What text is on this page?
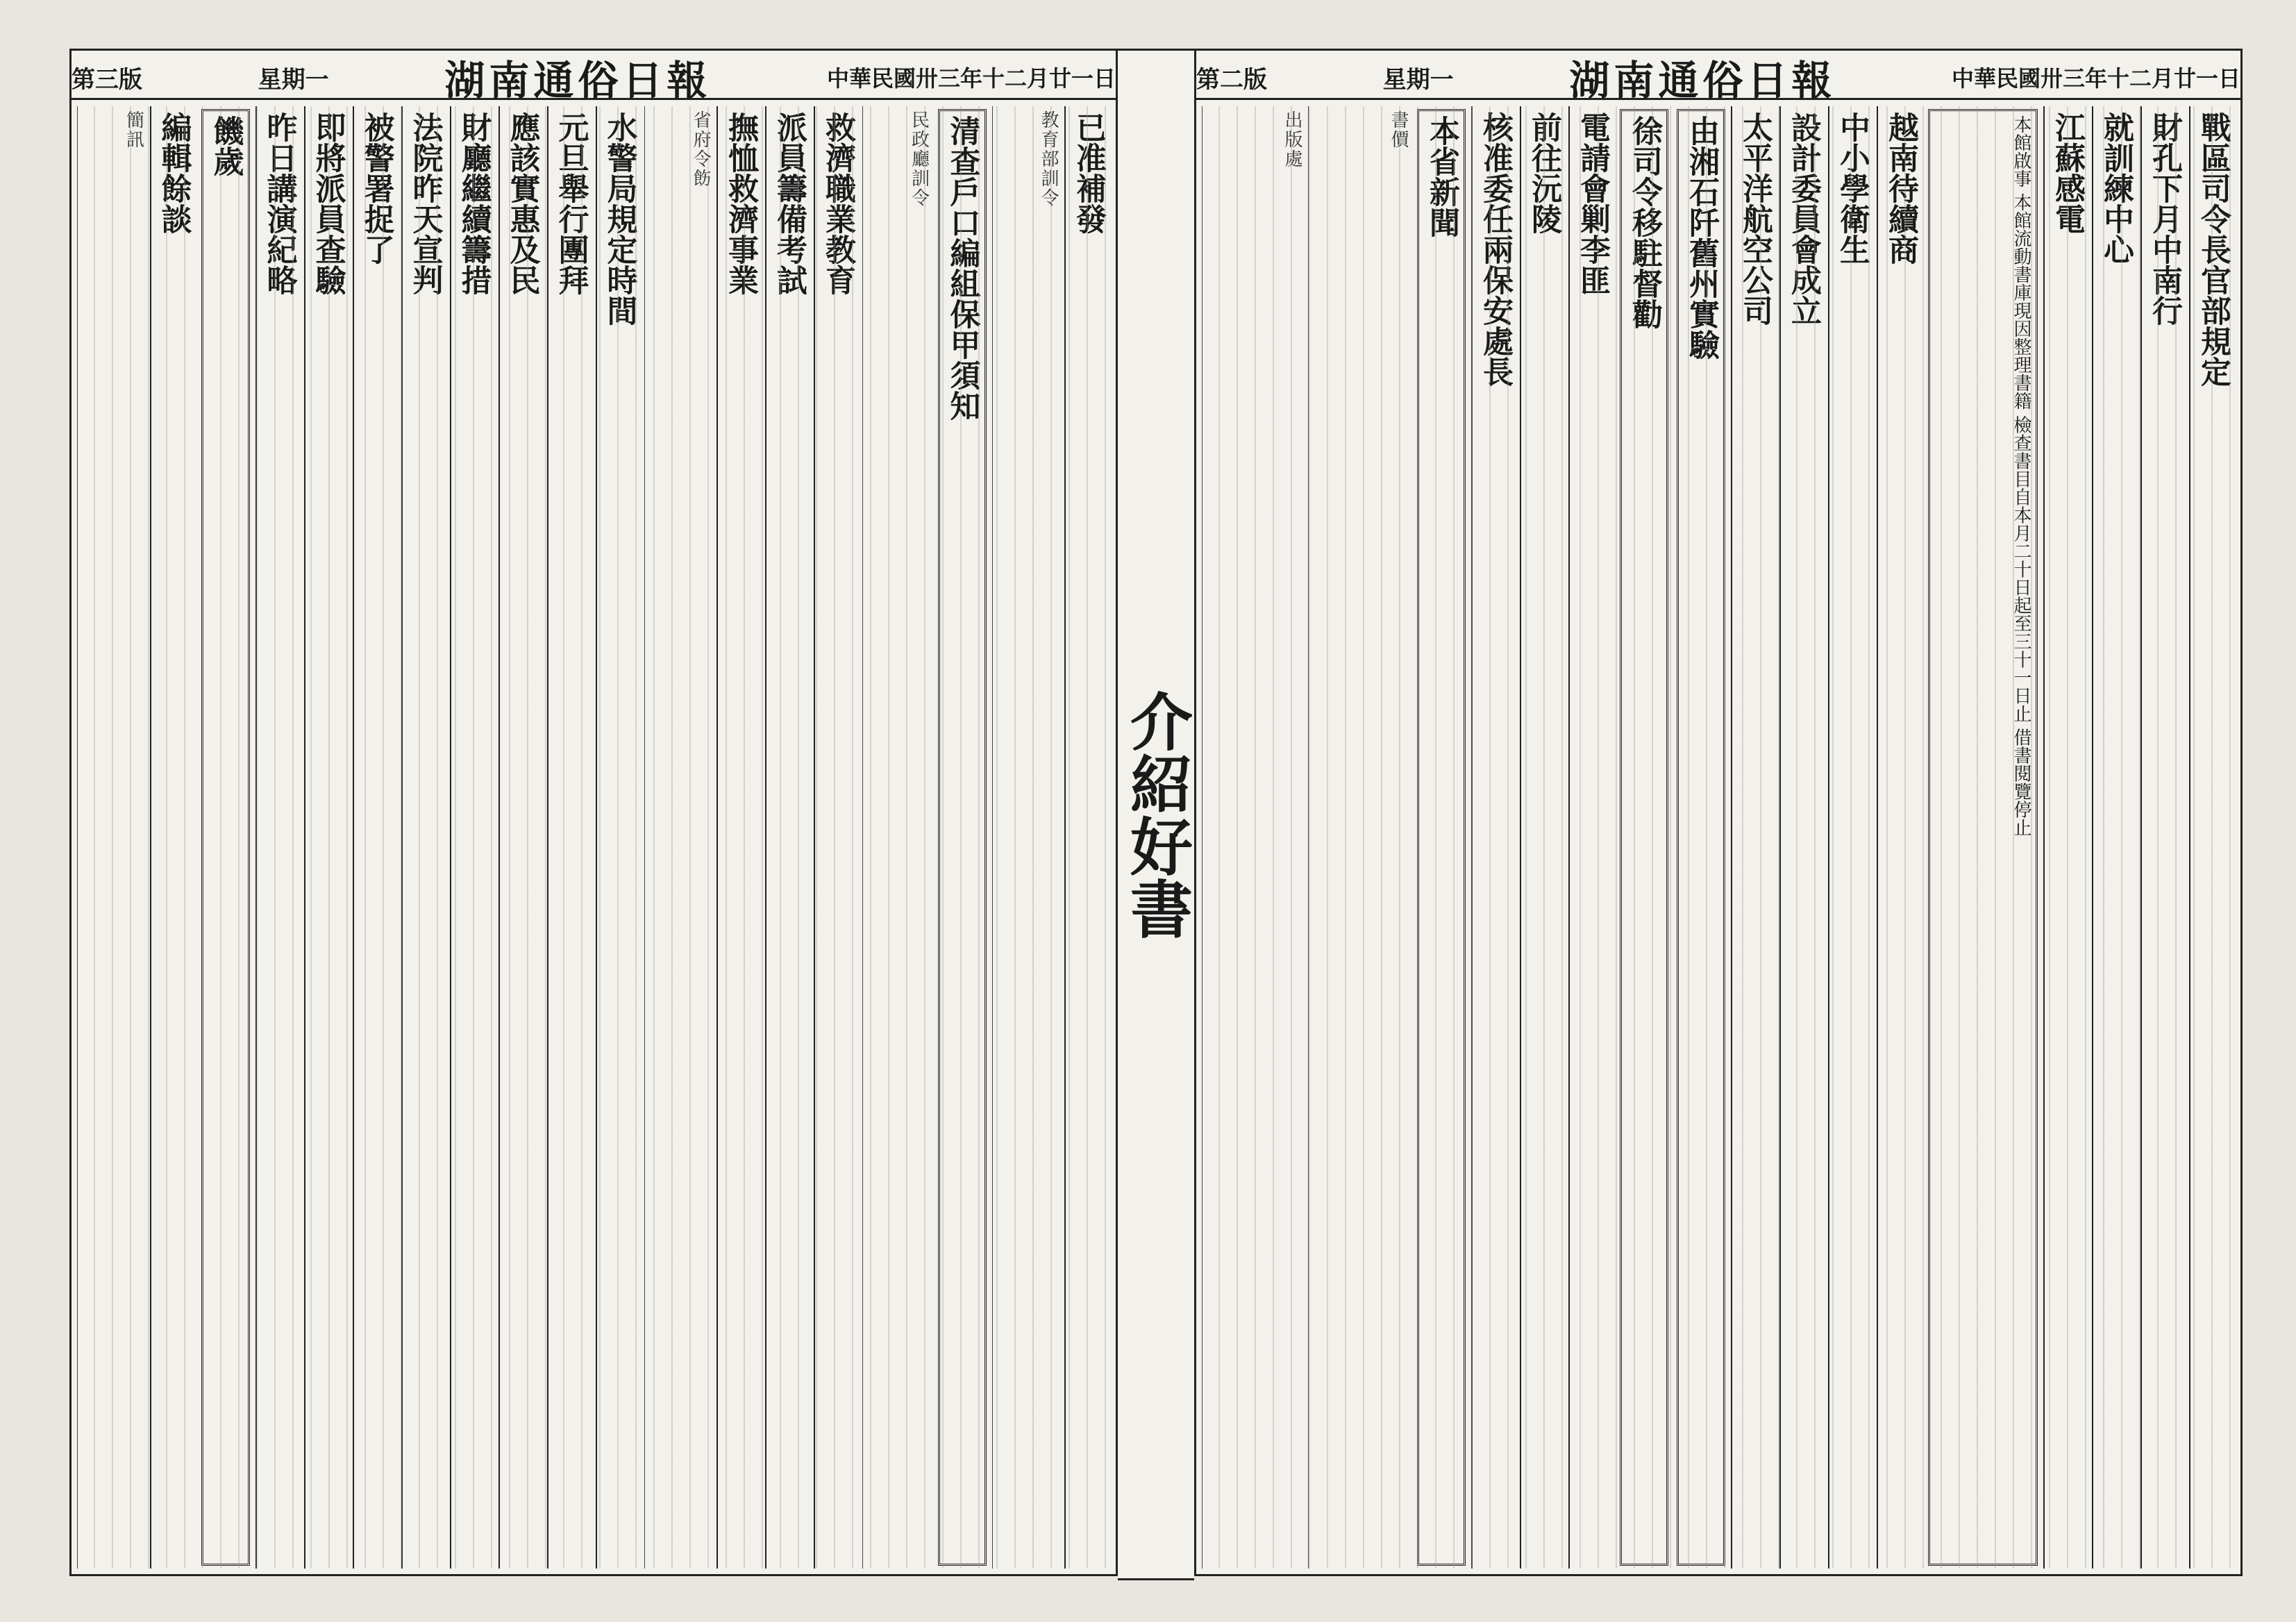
第三版	星期一	湖南通俗日報	中華民國卅三年十二月廿一日
已准補發
教育部訓令
清查戶口編組保甲須知
民政廳訓令
救濟職業教育
派員籌備考試
撫恤救濟事業
省府令飭
水警局規定時間
元旦舉行團拜
應該實惠及民
財廳繼續籌措
法院昨天宣判
被警署捉了
即將派員查驗
昨日講演紀略
饑歲
編輯餘談
簡訊
介紹好書
第二版	星期一	湖南通俗日報	中華民國卅三年十二月廿一日
戰區司令長官部規定
財孔下月中南行
就訓練中心
江蘇感電
本館啟事 本館流動書庫現因整理書籍 檢查書目自本月二十日起至三十一日止 借書閱覽停止
越南待續商
中小學衛生
設計委員會成立
太平洋航空公司
由湘石阡舊州實驗
徐司令移駐督勸
電請會剿李匪
前往沅陵
核准委任兩保安處長
本省新聞
書價
出版處
